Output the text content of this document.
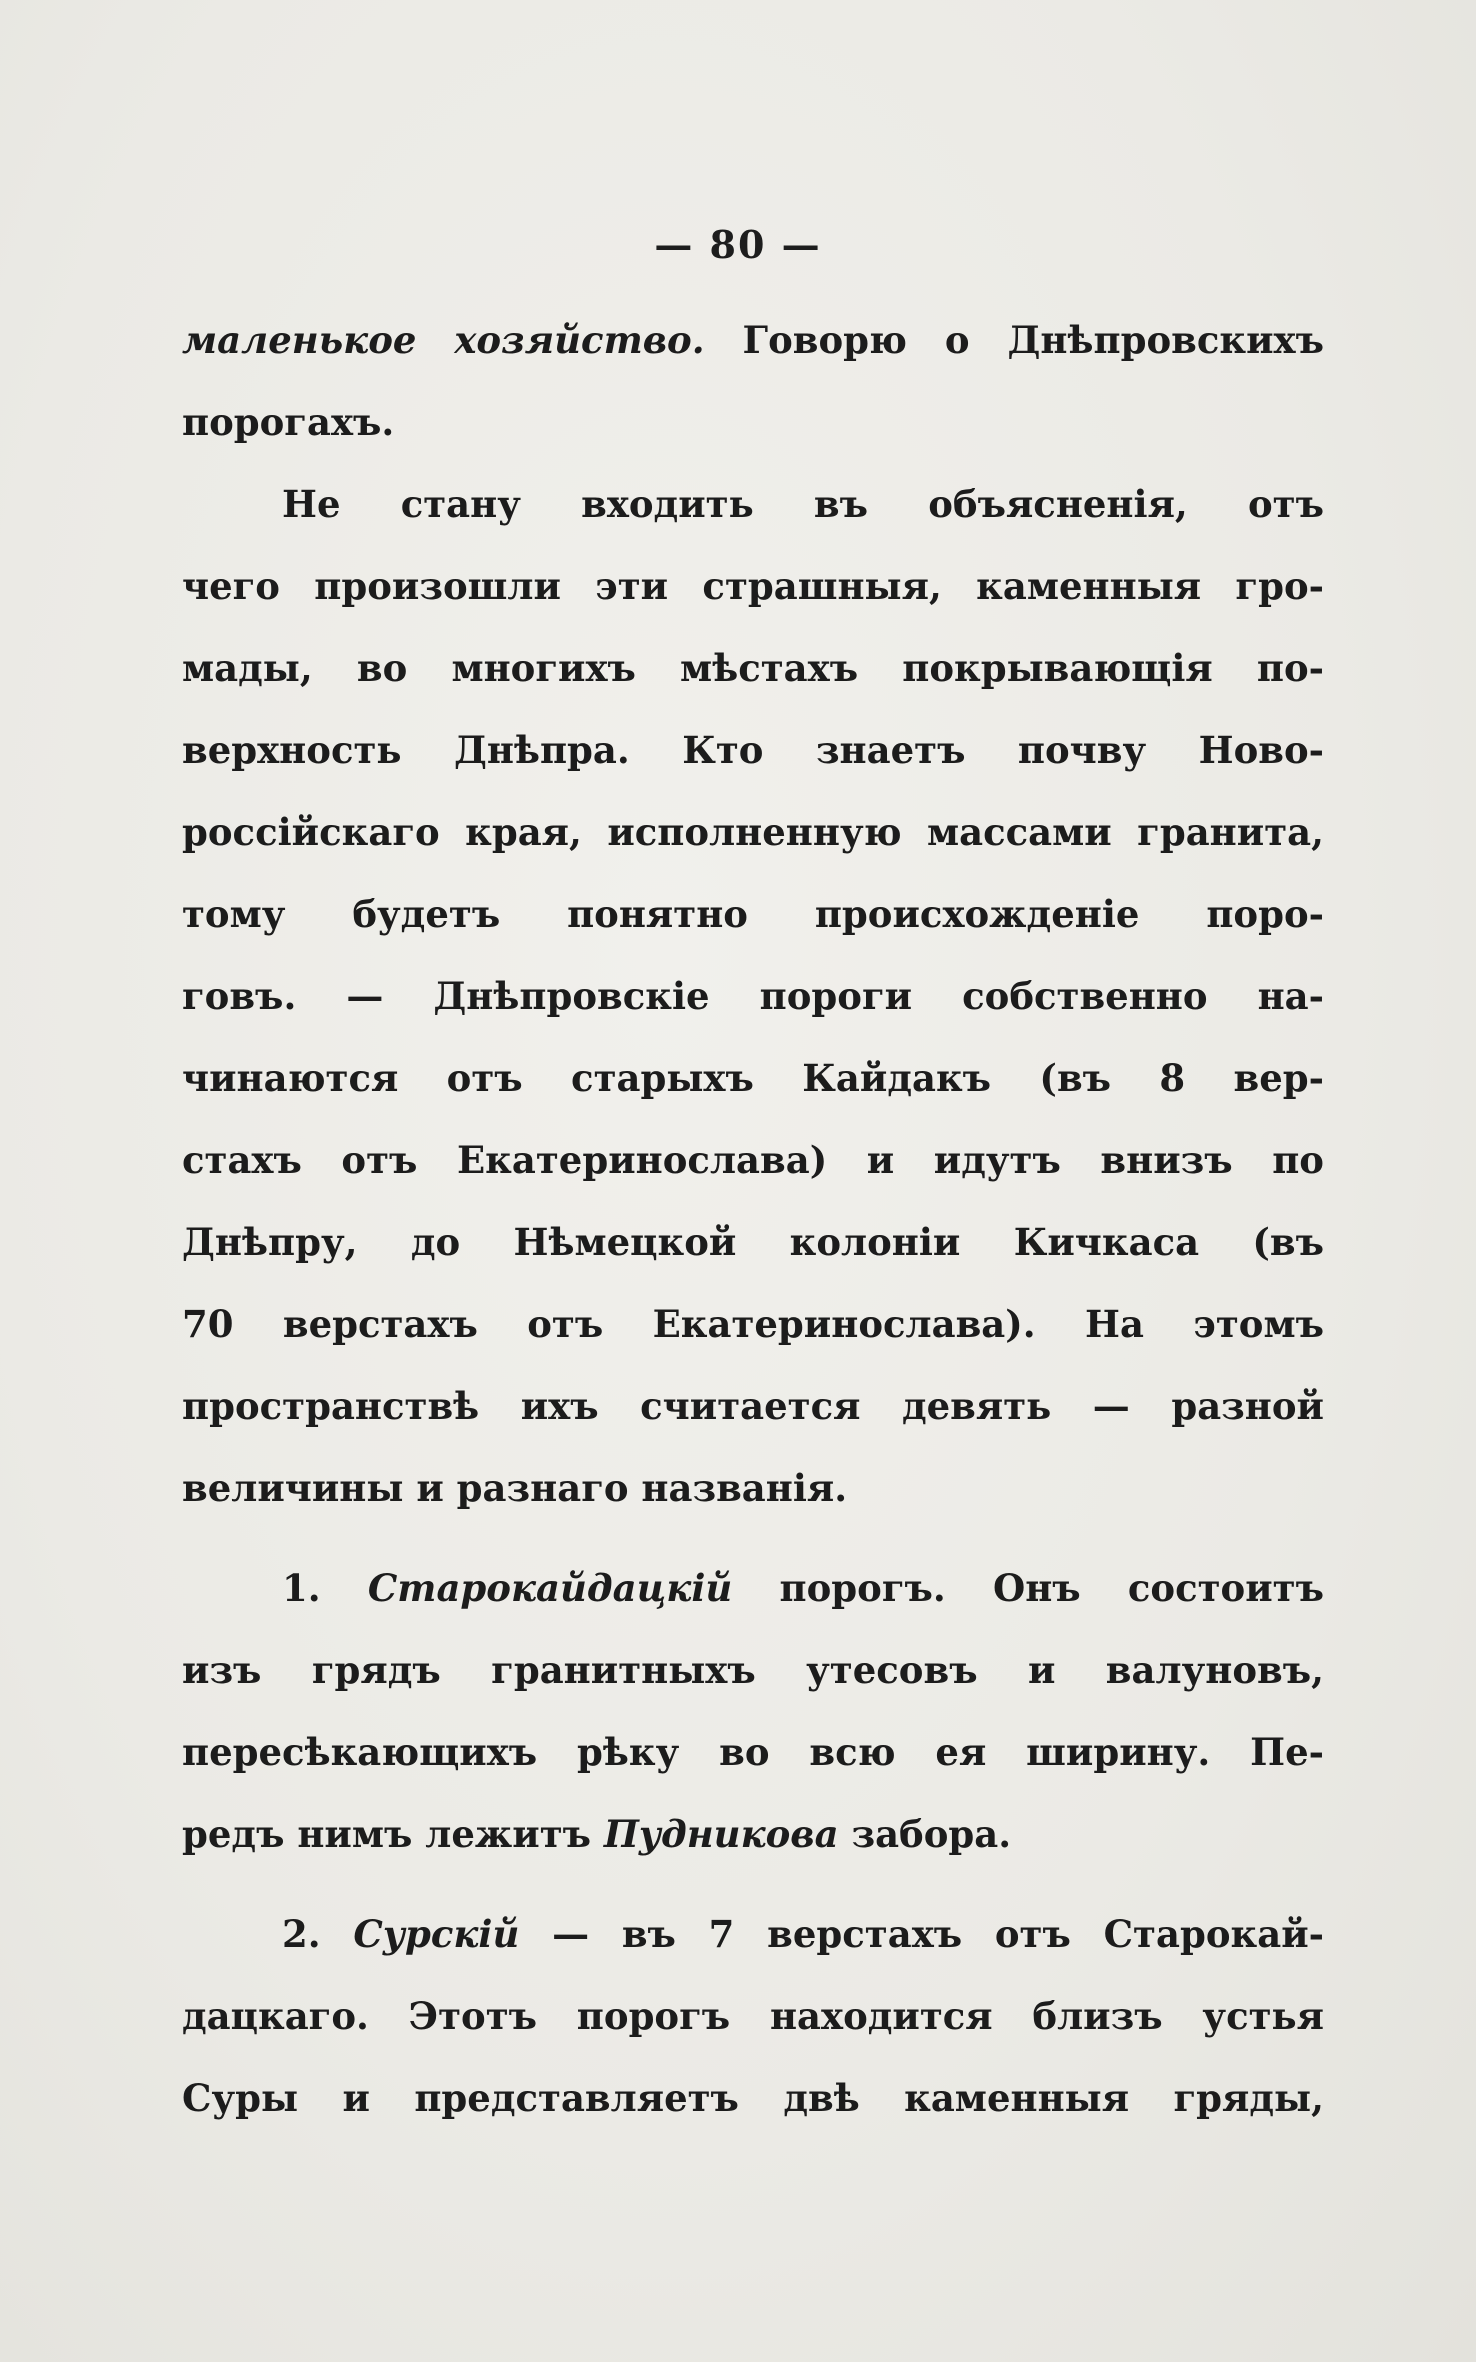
— 80 —
маленькое хозяйство. Говорю о Днѣпровскихъ
порогахъ.
Не стану входить въ объясненія, отъ
чего произошли эти страшныя, каменныя гро-
мады, во многихъ мѣстахъ покрывающія по-
верхность Днѣпра. Кто знаетъ почву Ново-
россійскаго края, исполненную массами гранита,
тому будетъ понятно происхожденіе поро-
говъ. — Днѣпровскіе пороги собственно на-
чинаются отъ старыхъ Кайдакъ (въ 8 вер-
стахъ отъ Екатеринослава) и идутъ внизъ по
Днѣпру, до Нѣмецкой колоніи Кичкаса (въ
70 верстахъ отъ Екатеринослава). На этомъ
пространствѣ ихъ считается девять — разной
величины и разнаго названія.
1. Старокайдацкій порогъ. Онъ состоитъ
изъ грядъ гранитныхъ утесовъ и валуновъ,
пересѣкающихъ рѣку во всю ея ширину. Пе-
редъ нимъ лежитъ Пудникова забора.
2. Сурскій — въ 7 верстахъ отъ Старокай-
дацкаго. Этотъ порогъ находится близъ устья
Суры и представляетъ двѣ каменныя гряды,
